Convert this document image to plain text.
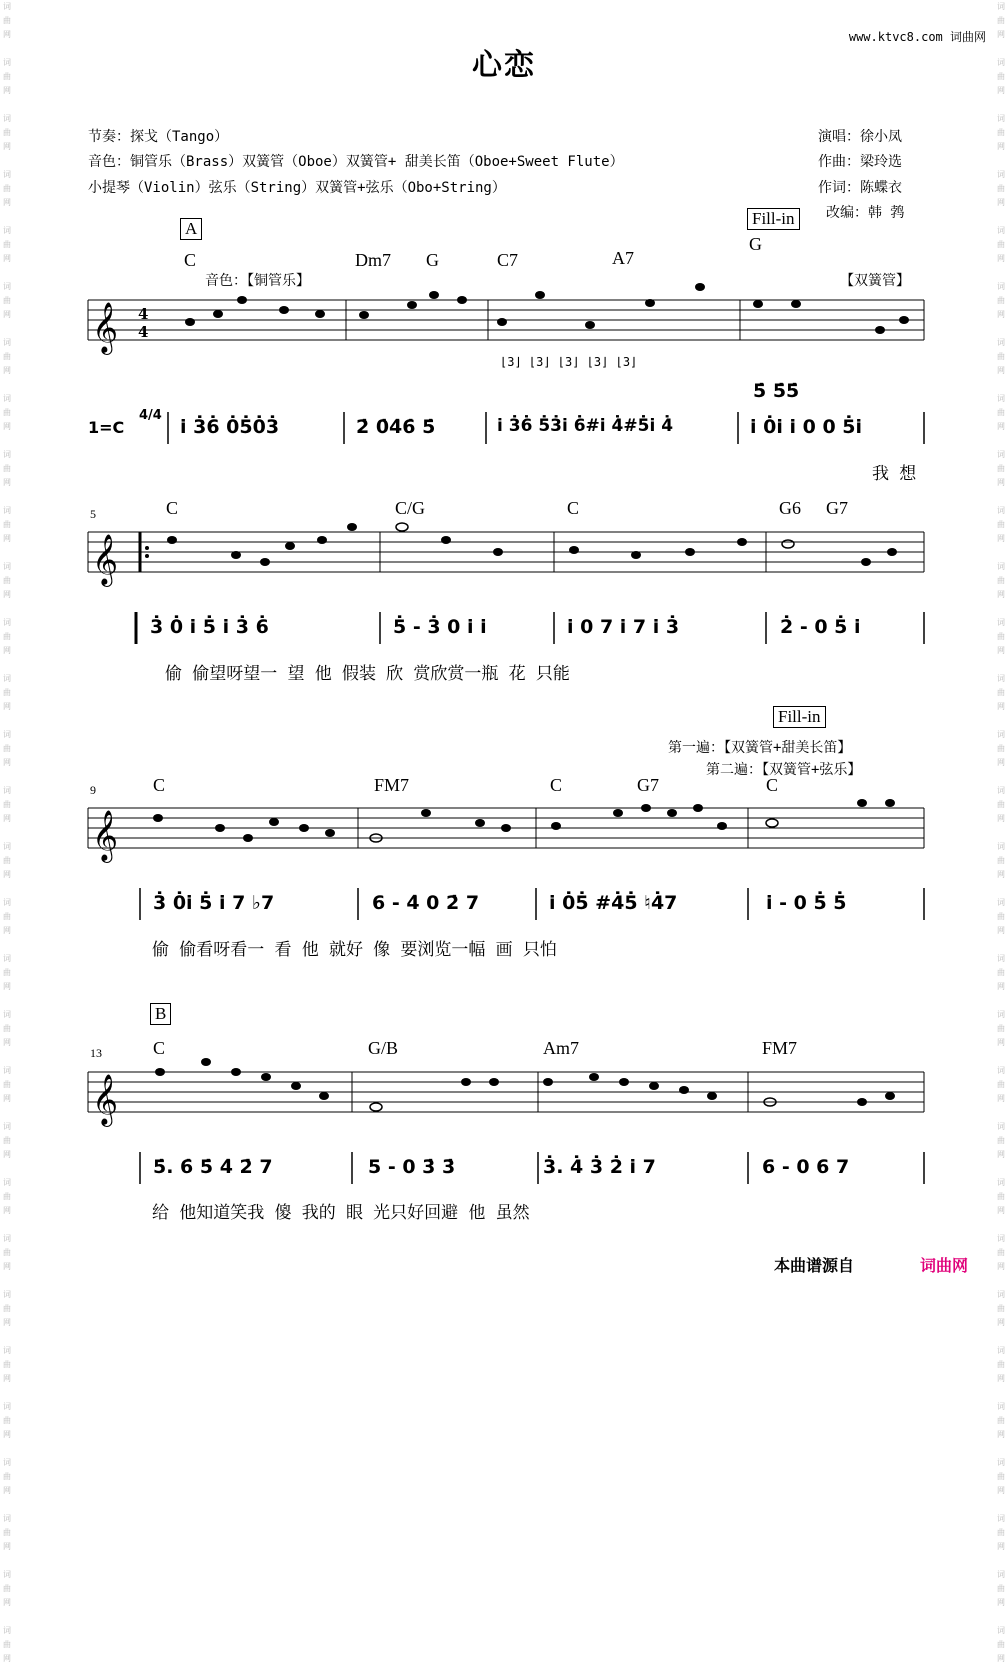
词
曲
网

词
曲
网

词
曲
网

词
曲
网

词
曲
网

词
曲
网

词
曲
网

词
曲
网

词
曲
网

词
曲
网

词
曲
网

词
曲
网

词
曲
网

词
曲
网

词
曲
网

词
曲
网

词
曲
网

词
曲
网

词
曲
网

词
曲
网

词
曲
网

词
曲
网

词
曲
网

词
曲
网

词
曲
网

词
曲
网

词
曲
网

词
曲
网

词
曲
网

词
曲
网

词
曲
网

词
曲
网

词
曲
网

词
曲
网

词
曲
网

词
曲
网

词
曲
网

词
曲
网

词
曲
网

词
曲
网

词
曲
网

词
曲
网

词
曲
网

词
曲
网

词
曲
网

词
曲
网

词
曲
网

词
曲
网

词
曲
网

词
曲
网

词
曲
网

词
曲
网

词
曲
网

词
曲
网

词
曲
网

词
曲
网

词
曲
网

词
曲
网

词
曲
网

词
曲
网

www.ktvc8.com 词曲网
心恋
节奏：探戈（Tango）
音色：铜管乐（Brass）双簧管（Oboe）双簧管+ 甜美长笛（Oboe+Sweet Flute）
小提琴（Violin）弦乐（String）双簧管+弦乐（Obo+String）
演唱：徐小凤
作曲：梁玲选
作词：陈蝶衣
改编：韩 鹁
A
Fill-in
C	Dm7 G	C7	A7
G
音色：【铜管乐】	【双簧管】
𝄞 4
4
⌊3⌋ ⌊3⌋ ⌊3⌋ ⌊3⌋ ⌊3⌋
5̇ 5̇5̇
1=C
4/4
i 3̇6̇ 0̇5̇0̇3̇	2̇ 0̇4̇6̇ 5̇	i 3̇6̇ 5̇3̇i 6̇#i 4̇#5̇i 4̇	i 0̇i i 0 0 5̇i
我 想
5	C	C/G	C	G6 G7
𝄞
3̇ 0̇ i 5̇ i 3̇ 6̇	5̇ - 3̇ 0 i i	i 0 7 i 7 i 3̇	2̇ - 0 5̇ i
偷 偷望呀望一 望 他 假装 欣 赏欣赏一瓶 花 只能
Fill-in
第一遍：【双簧管+甜美长笛】
第二遍：【双簧管+弦乐】
9	C	FM7	C	G7	C
𝄞
3̇ 0̇i 5̇ i 7 ♭7	6 - 4̇ 0 2̇ 7	i 0̇5̇ #4̇5̇ ♮4̇7	i - 0 5̇ 5̇
偷 偷看呀看一 看 他 就好 像 要浏览一幅 画 只怕
B
13	C	G/B	Am7	FM7
𝄞
5̇. 6̇ 5̇ 4̇ 2̇ 7	5 - 0 3̇ 3̇	3̇. 4̇ 3̇ 2̇ i 7	6 - 0 6 7
给 他知道笑我 傻 我的 眼 光只好回避 他 虽然
本曲谱源自	词曲网
